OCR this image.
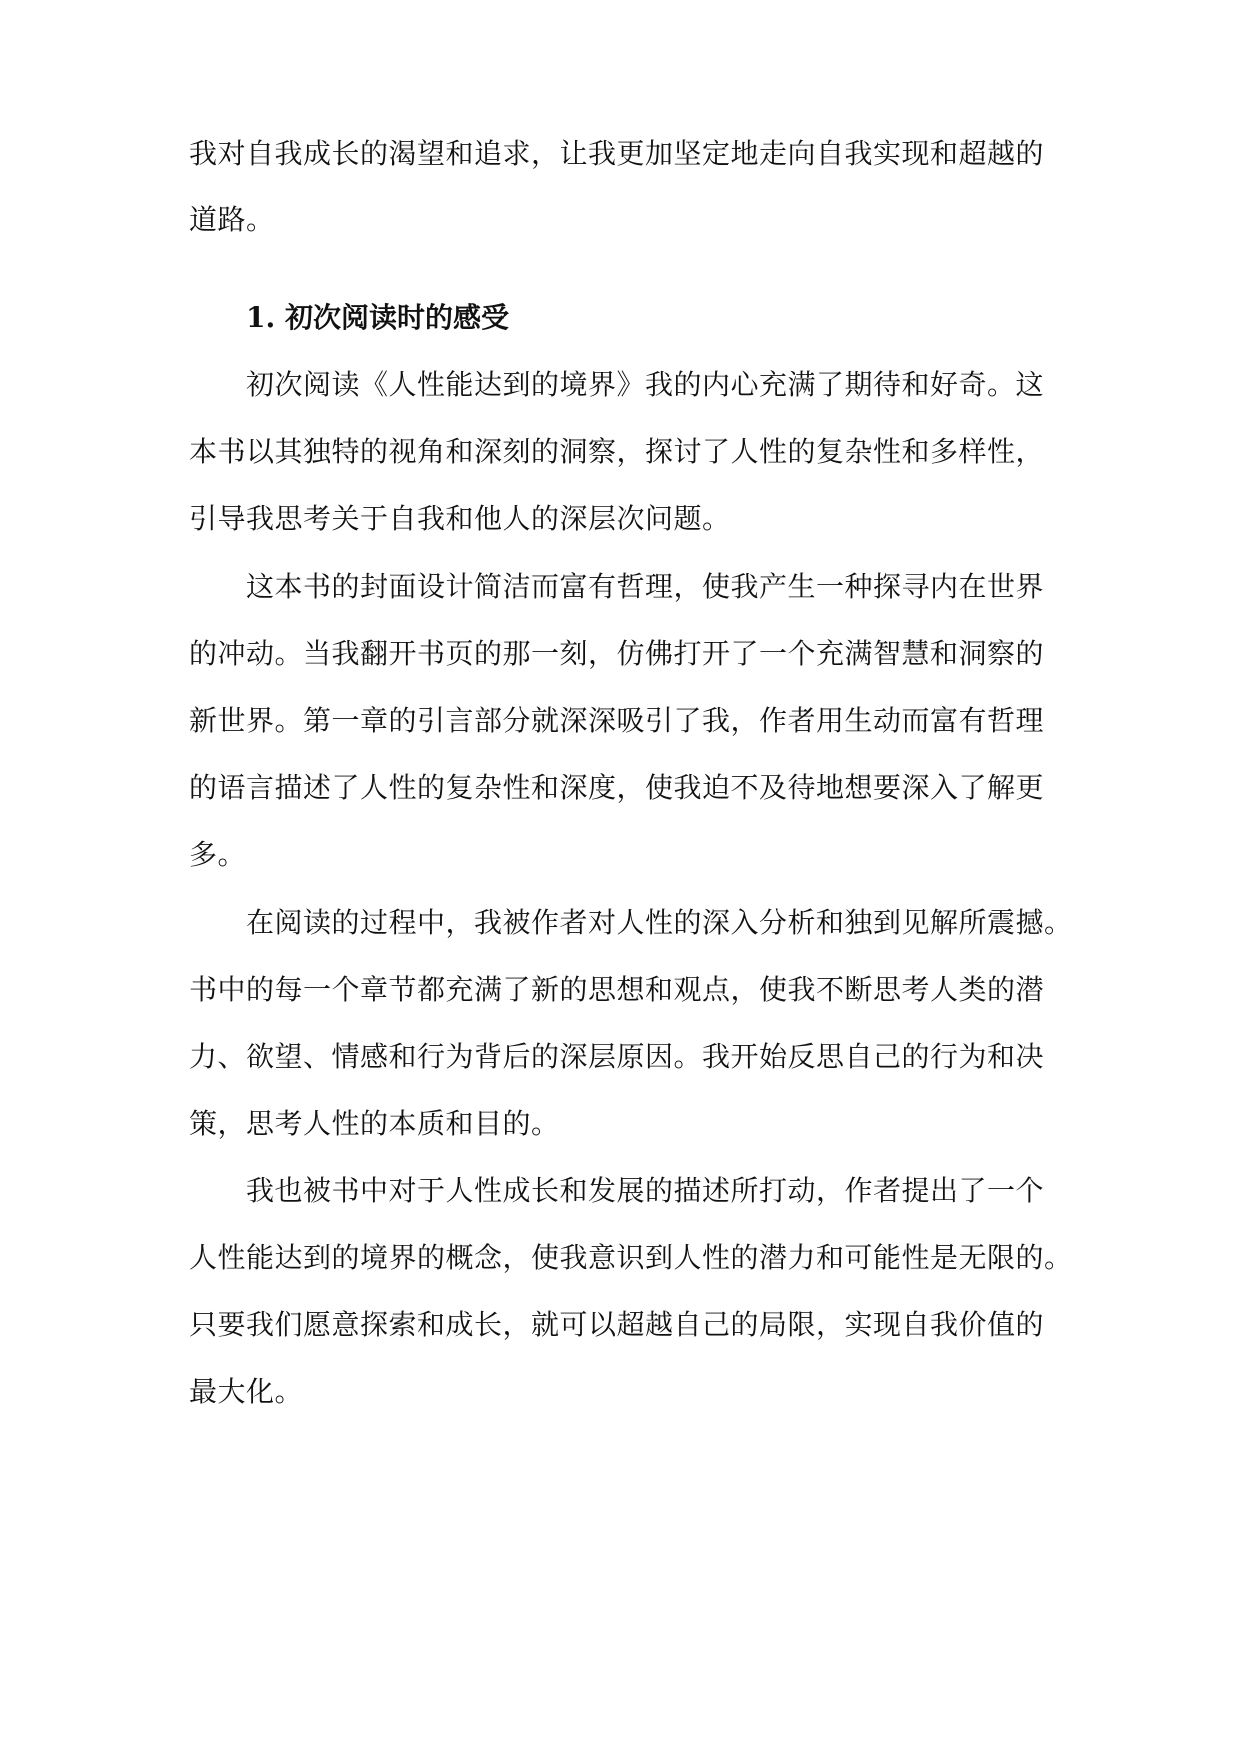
我对自我成长的渴望和追求，让我更加坚定地走向自我实现和超越的
道路。
1. 初次阅读时的感受
初次阅读《人性能达到的境界》我的内心充满了期待和好奇。这
本书以其独特的视角和深刻的洞察，探讨了人性的复杂性和多样性，
引导我思考关于自我和他人的深层次问题。
这本书的封面设计简洁而富有哲理，使我产生一种探寻内在世界
的冲动。当我翻开书页的那一刻，仿佛打开了一个充满智慧和洞察的
新世界。第一章的引言部分就深深吸引了我，作者用生动而富有哲理
的语言描述了人性的复杂性和深度，使我迫不及待地想要深入了解更
多。
在阅读的过程中，我被作者对人性的深入分析和独到见解所震撼。
书中的每一个章节都充满了新的思想和观点，使我不断思考人类的潜
力、欲望、情感和行为背后的深层原因。我开始反思自己的行为和决
策，思考人性的本质和目的。
我也被书中对于人性成长和发展的描述所打动，作者提出了一个
人性能达到的境界的概念，使我意识到人性的潜力和可能性是无限的。
只要我们愿意探索和成长，就可以超越自己的局限，实现自我价值的
最大化。
